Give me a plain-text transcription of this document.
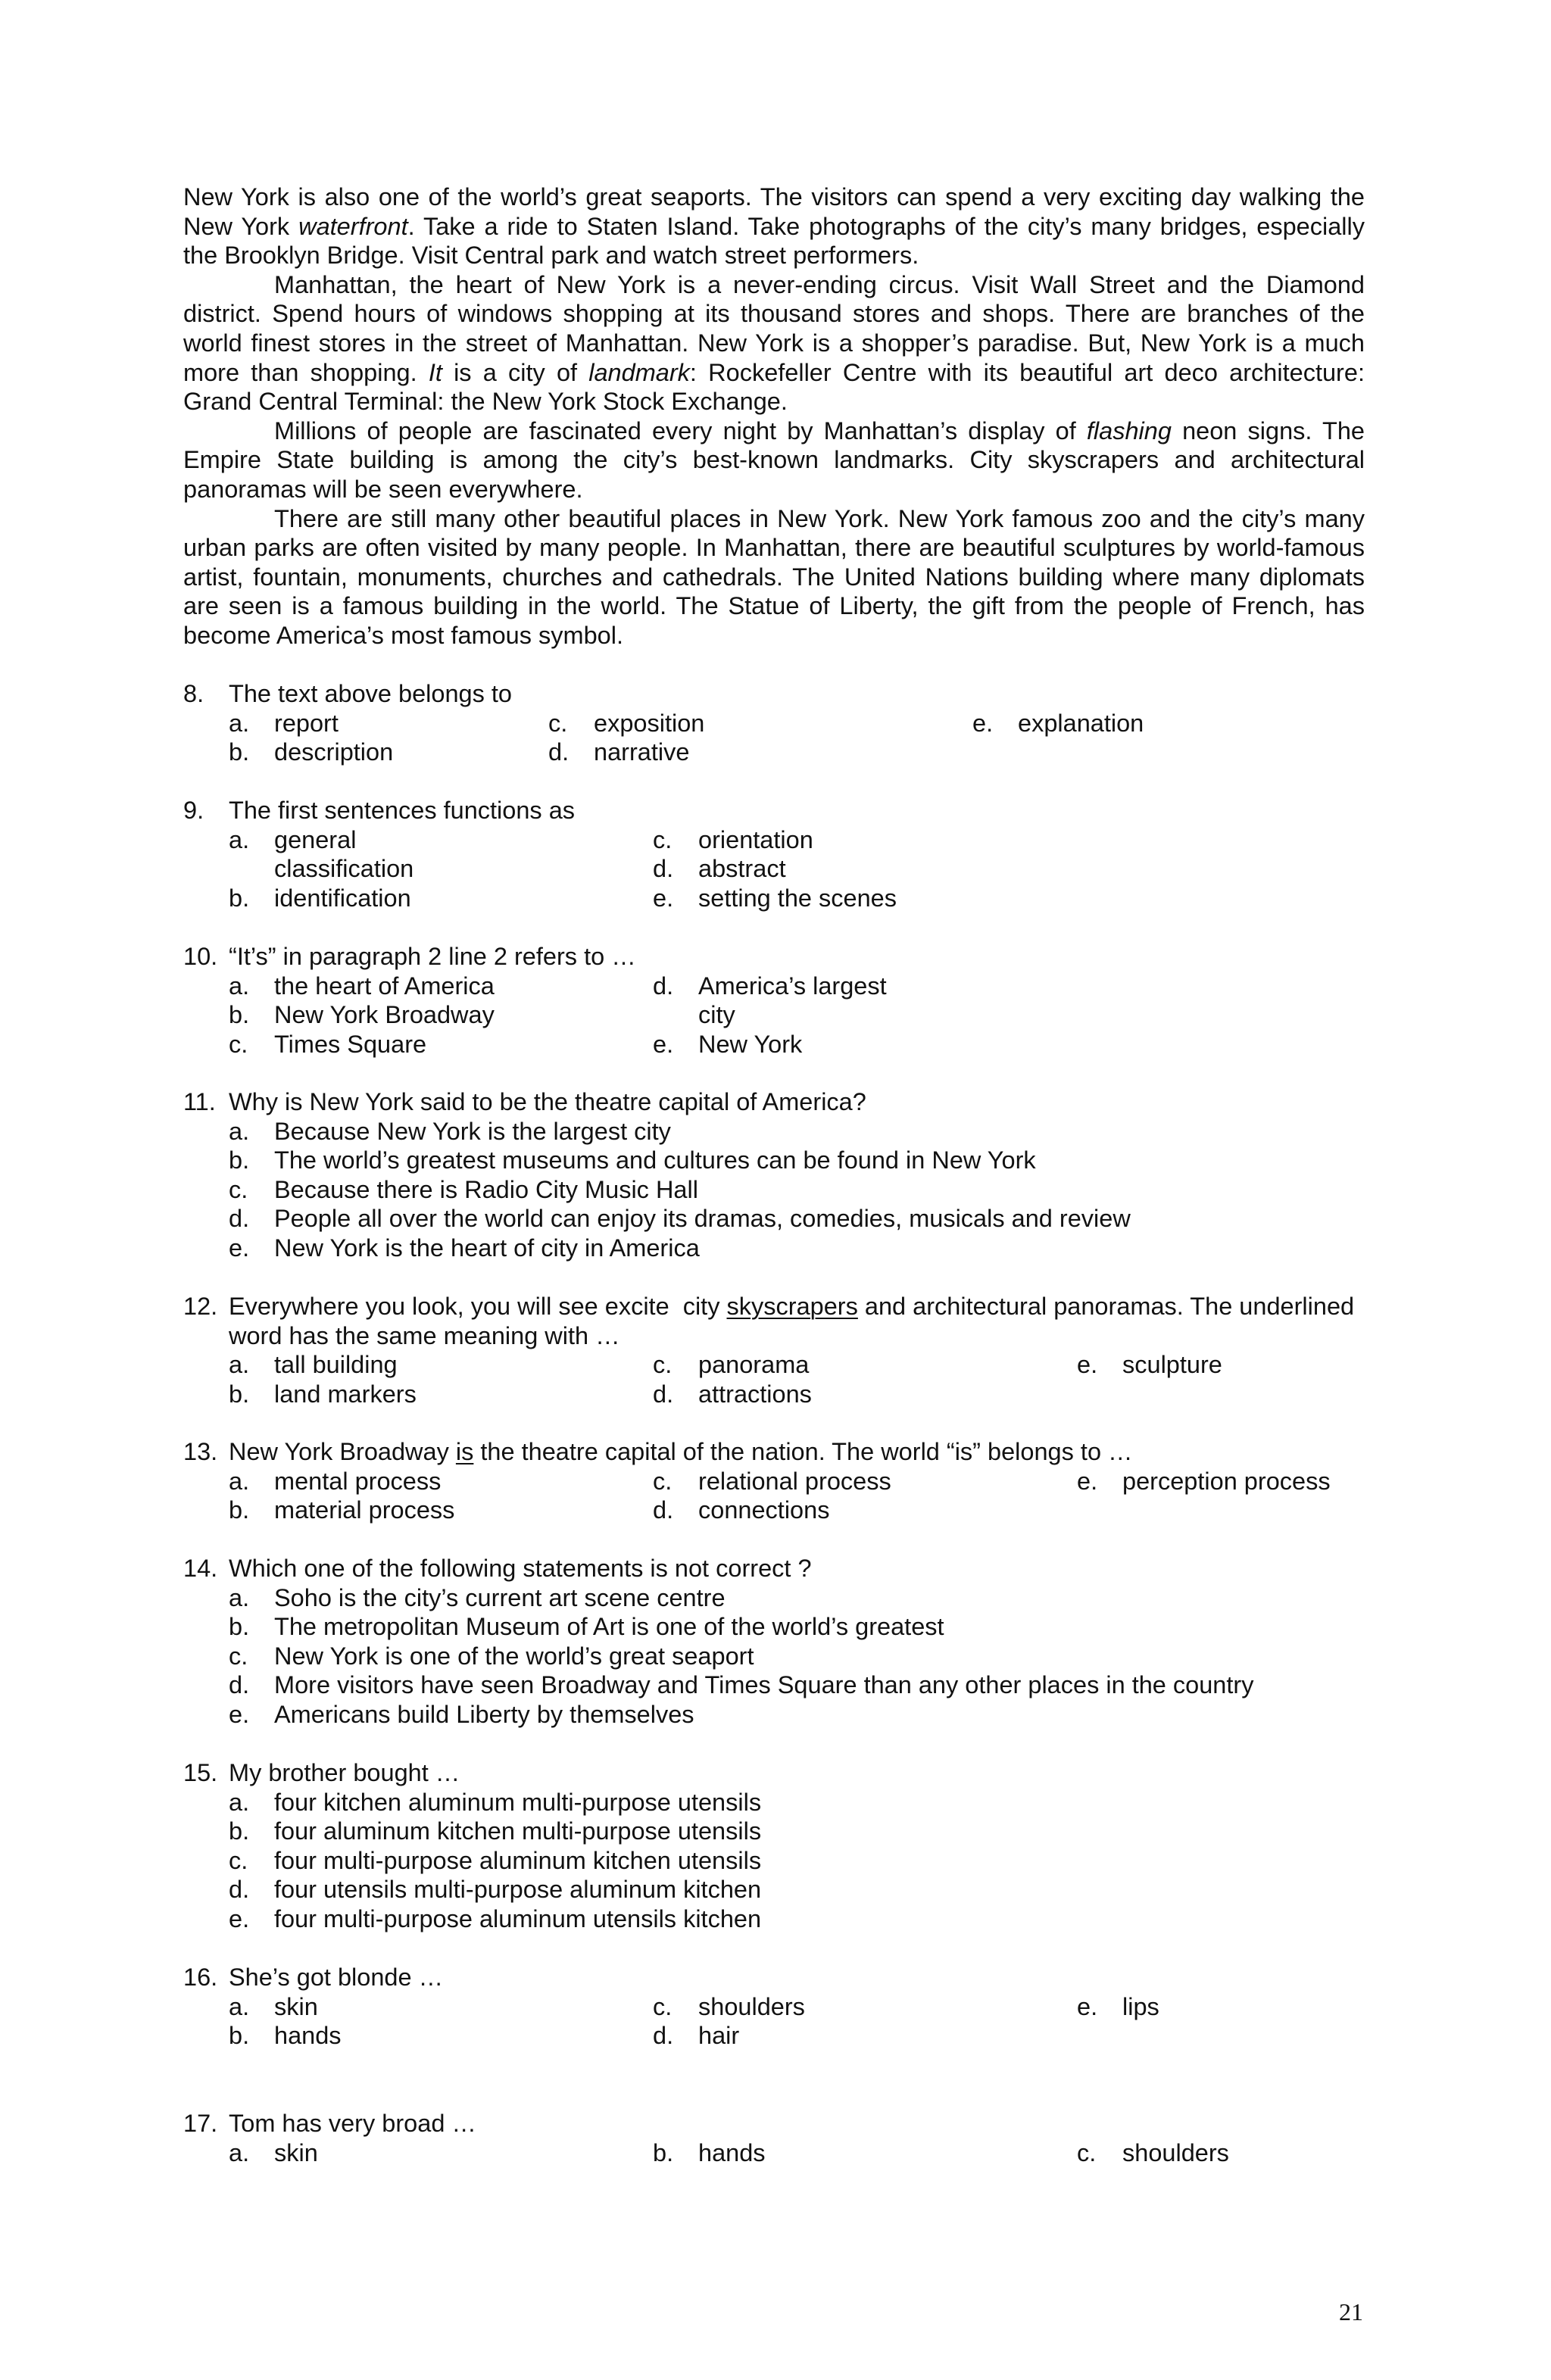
New York is also one of the world’s great seaports. The visitors can spend a very exciting day walking the New York waterfront. Take a ride to Staten Island. Take photographs of the city’s many bridges, especially the Brooklyn Bridge. Visit Central park and watch street performers.

Manhattan, the heart of New York is a never-ending circus. Visit Wall Street and the Diamond district. Spend hours of windows shopping at its thousand stores and shops. There are branches of the world finest stores in the street of Manhattan. New York is a shopper’s paradise. But, New York is a much more than shopping. It is a city of landmark: Rockefeller Centre with its beautiful art deco architecture: Grand Central Terminal: the New York Stock Exchange.

Millions of people are fascinated every night by Manhattan’s display of flashing neon signs. The Empire State building is among the city’s best-known landmarks. City skyscrapers and architectural panoramas will be seen everywhere.

There are still many other beautiful places in New York. New York famous zoo and the city’s many urban parks are often visited by many people. In Manhattan, there are beautiful sculptures by world-famous artist, fountain, monuments, churches and cathedrals. The United Nations building where many diplomats are seen is a famous building in the world. The Statue of Liberty, the gift from the people of French, has become America’s most famous symbol.

8.	The text above belongs to
a.	report	c.	exposition	e.	explanation
b.	description	d.	narrative
9.	The first sentences functions as
a.	general	c.	orientation
classification	d.	abstract
b.	identification	e.	setting the scenes
10. “It’s” in paragraph 2 line 2 refers to …
a.	the heart of America	d.	America’s largest
b.	New York Broadway	city
c.	Times Square	e.	New York
11. Why is New York said to be the theatre capital of America?
a.	Because New York is the largest city
b.	The world’s greatest museums and cultures can be found in New York
c.	Because there is Radio City Music Hall
d.	People all over the world can enjoy its dramas, comedies, musicals and review
e.	New York is the heart of city in America
12. Everywhere you look, you will see excite  city skyscrapers and architectural panoramas. The underlined word has the same meaning with …
a.	tall building	c.	panorama	e.	sculpture
b.	land markers	d.	attractions
13. New York Broadway is the theatre capital of the nation. The world “is” belongs to …
a.	mental process	c.	relational process	e.	perception process
b.	material process	d.	connections
14. Which one of the following statements is not correct ?
a.	Soho is the city’s current art scene centre
b.	The metropolitan Museum of Art is one of the world’s greatest
c.	New York is one of the world’s great seaport
d.	More visitors have seen Broadway and Times Square than any other places in the country
e.	Americans build Liberty by themselves
15. My brother bought …
a.	four kitchen aluminum multi-purpose utensils
b.	four aluminum kitchen multi-purpose utensils
c.	four multi-purpose aluminum kitchen utensils
d.	four utensils multi-purpose aluminum kitchen
e.	four multi-purpose aluminum utensils kitchen
16. She’s got blonde …
a.	skin	c.	shoulders	e.	lips
b.	hands	d.	hair
17. Tom has very broad …
a.	skin	b.	hands	c.	shoulders
21
